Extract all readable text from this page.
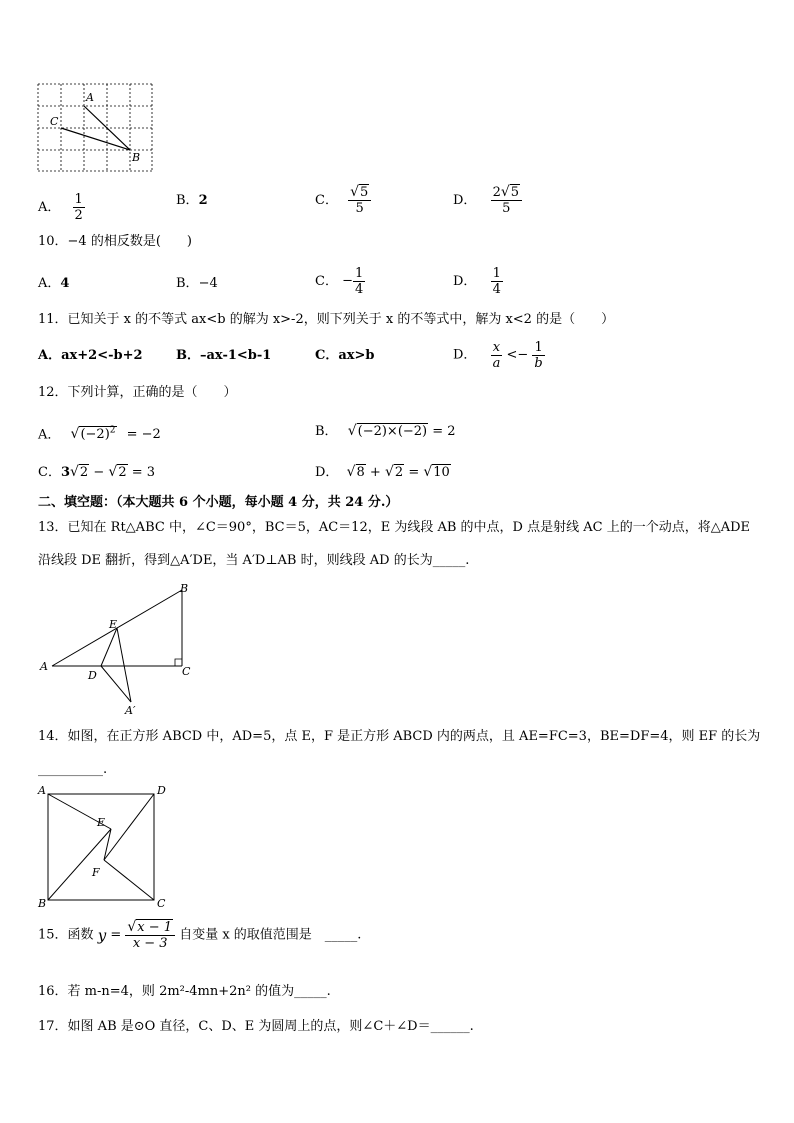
A
C
B
A． $\frac{1}{2}$	B．2	C． $\frac{√5}{5}$	D． $\frac{2√5}{5}$
10．−4 的相反数是(　　)
A．4	B．−4	C． − $\frac{1}{4}$	D． $\frac{1}{4}$
11．已知关于 x 的不等式 ax<b 的解为 x>-2，则下列关于 x 的不等式中，解为 x<2 的是（　　）
A．ax+2<-b+2	B．–ax-1<b-1	C．ax>b	D． $\frac{x}{a} <- \frac{1}{b}$
12．下列计算，正确的是（　　）
A． $√(-2)^2 = -2$	B． √(−2)×(−2) = 2
C．3√2 − √2 = 3	D． √8 + √2 = √10
二、填空题：（本大题共 6 个小题，每小题 4 分，共 24 分.）
13．已知在 Rt△ABC 中，∠C＝90°，BC＝5，AC＝12，E 为线段 AB 的中点，D 点是射线 AC 上的一个动点，将△ADE
沿线段 DE 翻折，得到△A′DE，当 A′D⊥AB 时，则线段 AD 的长为_____.
A
B
C
D
E
A′
14．如图，在正方形 ABCD 中，AD=5，点 E，F 是正方形 ABCD 内的两点，且 AE=FC=3，BE=DF=4，则 EF 的长为
__________.
A	D
B	C
E
F
15．函数 $y = \frac{√x - 1}{x - 3}$ 自变量 x 的取值范围是　_____.
16．若 m-n=4，则 2m²-4mn+2n² 的值为_____.
17．如图 AB 是⊙O 直径，C、D、E 为圆周上的点，则∠C＋∠D＝______.
